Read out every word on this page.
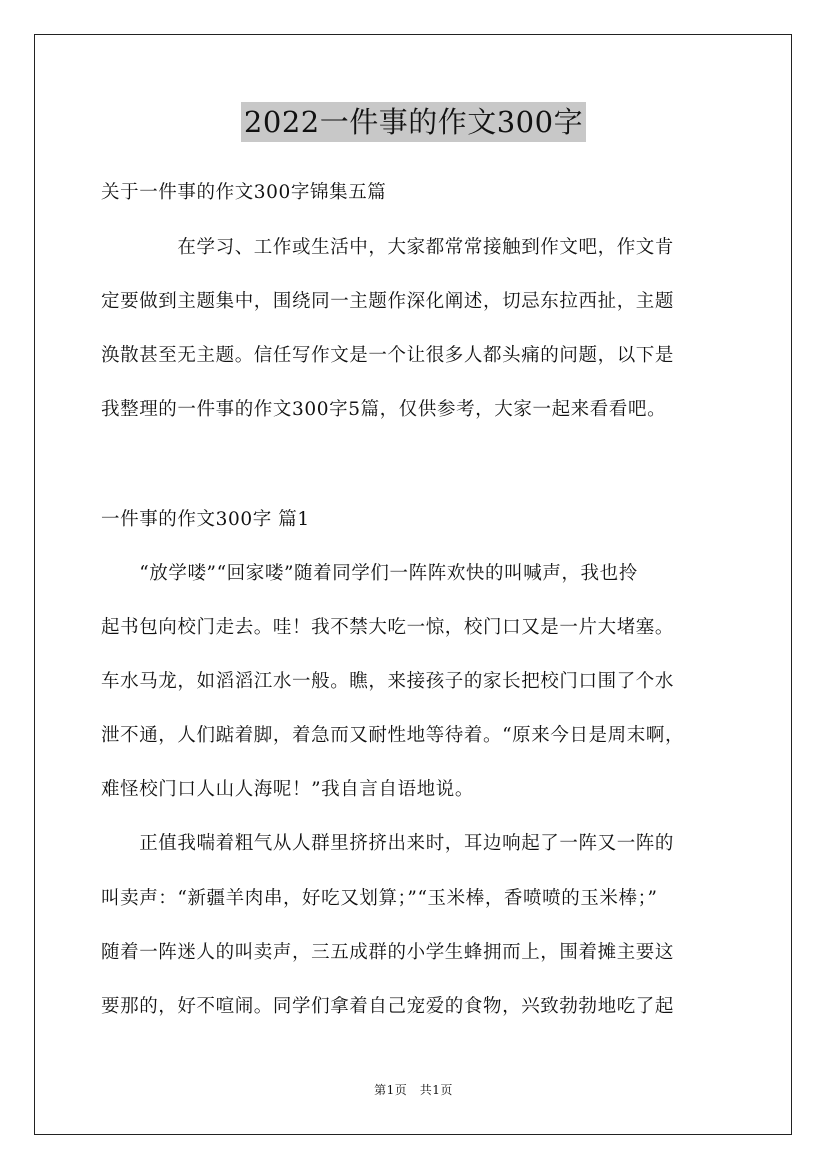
2022一件事的作文300字
关于一件事的作文300字锦集五篇
　　　　在学习、工作或生活中，大家都常常接触到作文吧，作文肯
定要做到主题集中，围绕同一主题作深化阐述，切忌东拉西扯，主题
涣散甚至无主题。信任写作文是一个让很多人都头痛的问题，以下是
我整理的一件事的作文300字5篇，仅供参考，大家一起来看看吧。
一件事的作文300字 篇1
　　“放学喽”“回家喽”随着同学们一阵阵欢快的叫喊声，我也拎
起书包向校门走去。哇！我不禁大吃一惊，校门口又是一片大堵塞。
车水马龙，如滔滔江水一般。瞧，来接孩子的家长把校门口围了个水
泄不通，人们踮着脚，着急而又耐性地等待着。“原来今日是周末啊，
难怪校门口人山人海呢！”我自言自语地说。
　　正值我喘着粗气从人群里挤挤出来时，耳边响起了一阵又一阵的
叫卖声：“新疆羊肉串，好吃又划算；”“玉米棒，香喷喷的玉米棒；”
随着一阵迷人的叫卖声，三五成群的小学生蜂拥而上，围着摊主要这
要那的，好不喧闹。同学们拿着自己宠爱的食物，兴致勃勃地吃了起
第1页　共1页
